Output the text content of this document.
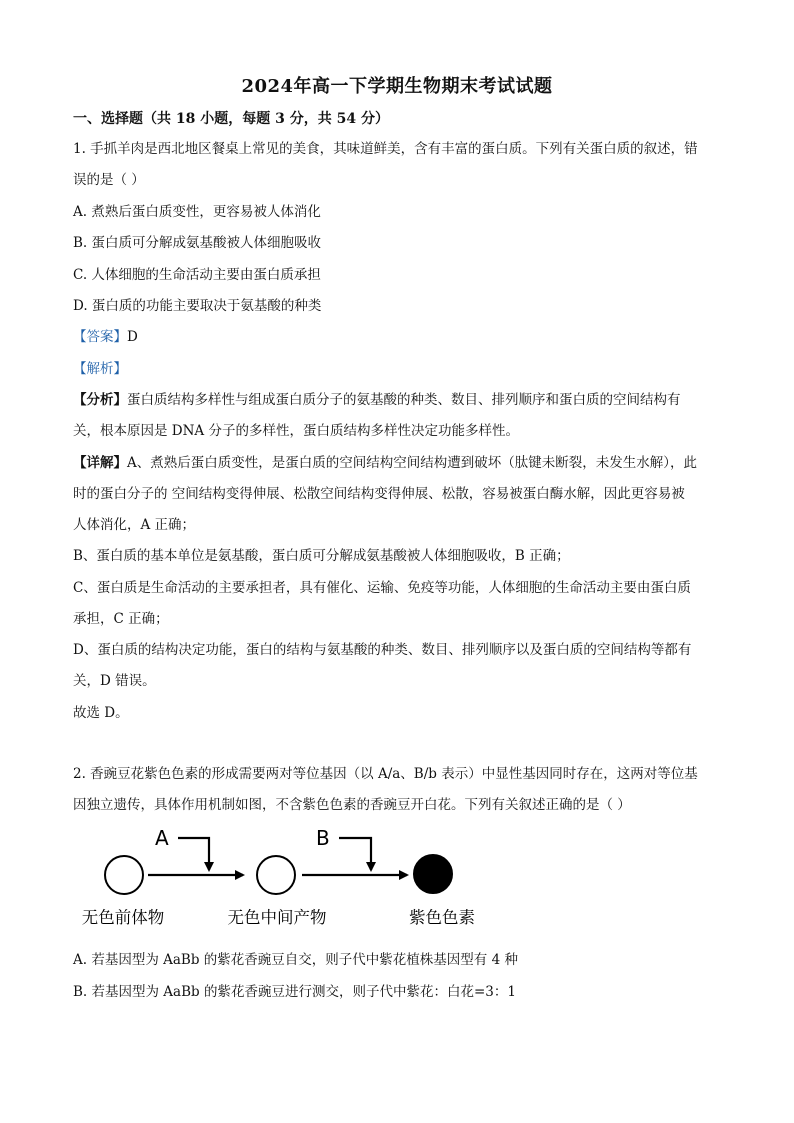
2024年高一下学期生物期末考试试题
一、选择题（共 18 小题，每题 3 分，共 54 分）
1. 手抓羊肉是西北地区餐桌上常见的美食，其味道鲜美，含有丰富的蛋白质。下列有关蛋白质的叙述，错
误的是（ ）
A. 煮熟后蛋白质变性，更容易被人体消化
B. 蛋白质可分解成氨基酸被人体细胞吸收
C. 人体细胞的生命活动主要由蛋白质承担
D. 蛋白质的功能主要取决于氨基酸的种类
【答案】D
【解析】
【分析】蛋白质结构多样性与组成蛋白质分子的氨基酸的种类、数目、排列顺序和蛋白质的空间结构有
关，根本原因是 DNA 分子的多样性，蛋白质结构多样性决定功能多样性。
【详解】A、煮熟后蛋白质变性，是蛋白质的空间结构空间结构遭到破坏（肽键未断裂，未发生水解），此
时的蛋白分子的 空间结构变得伸展、松散空间结构变得伸展、松散，容易被蛋白酶水解，因此更容易被
人体消化，A 正确；
B、蛋白质的基本单位是氨基酸，蛋白质可分解成氨基酸被人体细胞吸收，B 正确；
C、蛋白质是生命活动的主要承担者，具有催化、运输、免疫等功能，人体细胞的生命活动主要由蛋白质
承担，C 正确；
D、蛋白质的结构决定功能，蛋白的结构与氨基酸的种类、数目、排列顺序以及蛋白质的空间结构等都有
关，D 错误。
故选 D。
2. 香豌豆花紫色色素的形成需要两对等位基因（以 A/a、B/b 表示）中显性基因同时存在，这两对等位基
因独立遗传，具体作用机制如图，不含紫色色素的香豌豆开白花。下列有关叙述正确的是（ ）
A	B
无色前体物	无色中间产物	紫色色素
A. 若基因型为 AaBb 的紫花香豌豆自交，则子代中紫花植株基因型有 4 种
B. 若基因型为 AaBb 的紫花香豌豆进行测交，则子代中紫花：白花=3：1
